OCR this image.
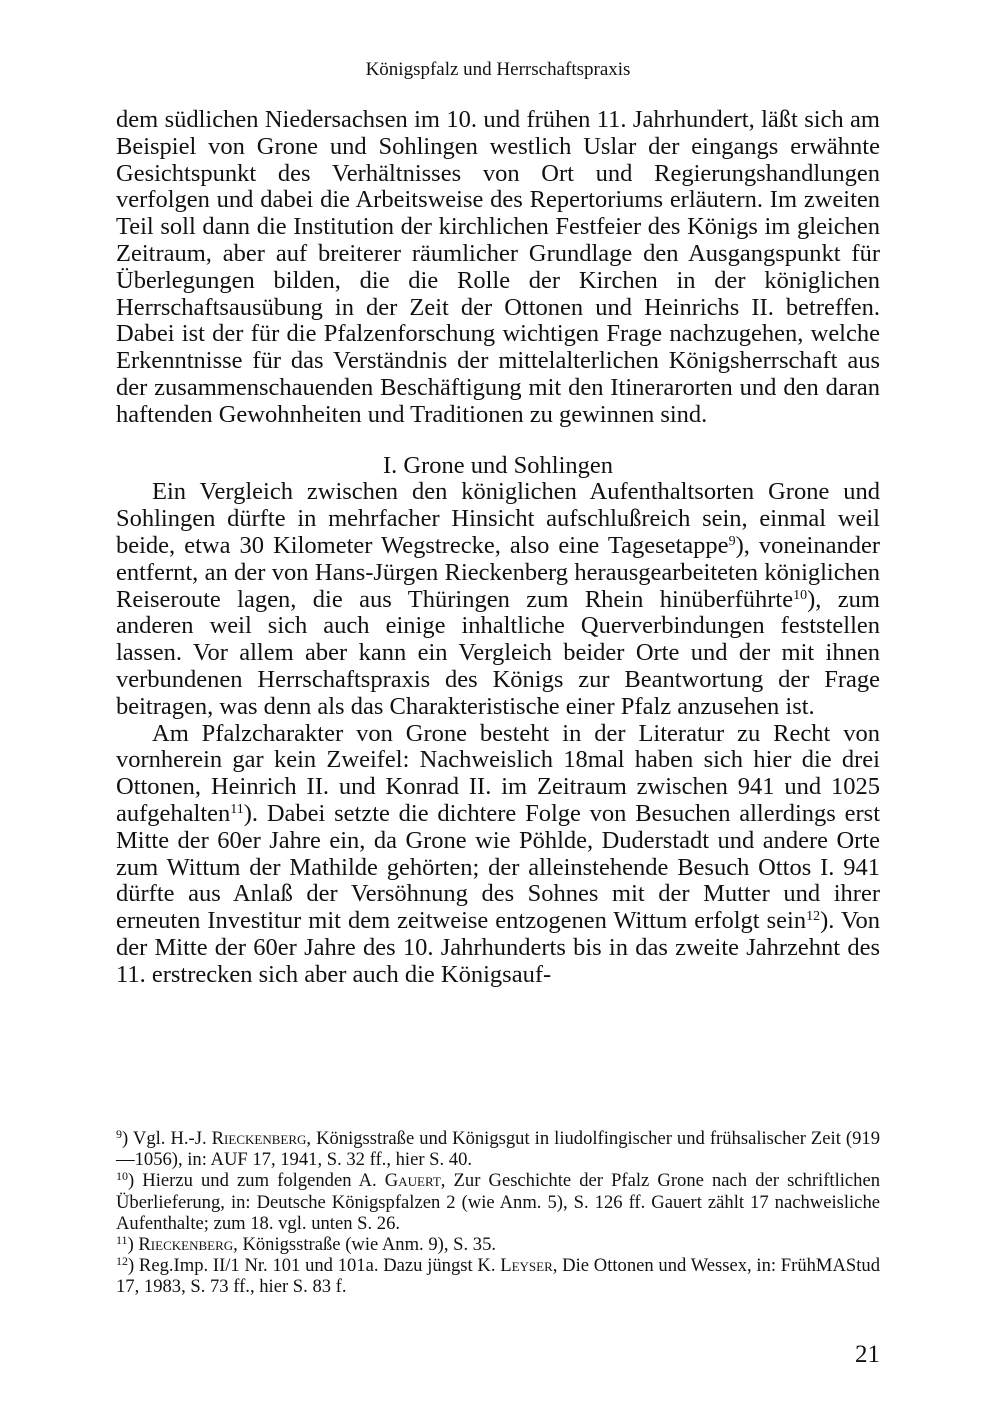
Königspfalz und Herrschaftspraxis

dem südlichen Niedersachsen im 10. und frühen 11. Jahrhundert, läßt sich am Beispiel von Grone und Sohlingen westlich Uslar der eingangs erwähnte Gesichtspunkt des Verhältnisses von Ort und Regierungshandlungen verfolgen und dabei die Arbeitsweise des Repertoriums erläutern. Im zweiten Teil soll dann die Institution der kirchlichen Festfeier des Königs im gleichen Zeitraum, aber auf breiterer räumlicher Grundlage den Ausgangspunkt für Überlegungen bilden, die die Rolle der Kirchen in der königlichen Herrschaftsausübung in der Zeit der Ottonen und Heinrichs II. betreffen. Dabei ist der für die Pfalzenforschung wichtigen Frage nachzugehen, welche Erkenntnisse für das Verständnis der mittelalterlichen Königsherrschaft aus der zusammenschauenden Beschäftigung mit den Itinerarorten und den daran haftenden Gewohnheiten und Traditionen zu gewinnen sind.

I. Grone und Sohlingen

Ein Vergleich zwischen den königlichen Aufenthaltsorten Grone und Sohlingen dürfte in mehrfacher Hinsicht aufschlußreich sein, einmal weil beide, etwa 30 Kilometer Wegstrecke, also eine Tagesetappe$^9$), voneinander entfernt, an der von Hans-Jürgen Rieckenberg herausgearbeiteten königlichen Reiseroute lagen, die aus Thüringen zum Rhein hinüberführte$^{10}$), zum anderen weil sich auch einige inhaltliche Querverbindungen feststellen lassen. Vor allem aber kann ein Vergleich beider Orte und der mit ihnen verbundenen Herrschaftspraxis des Königs zur Beantwortung der Frage beitragen, was denn als das Charakteristische einer Pfalz anzusehen ist.

Am Pfalzcharakter von Grone besteht in der Literatur zu Recht von vornherein gar kein Zweifel: Nachweislich 18mal haben sich hier die drei Ottonen, Heinrich II. und Konrad II. im Zeitraum zwischen 941 und 1025 aufgehalten$^{11}$). Dabei setzte die dichtere Folge von Besuchen allerdings erst Mitte der 60er Jahre ein, da Grone wie Pöhlde, Duderstadt und andere Orte zum Wittum der Mathilde gehörten; der alleinstehende Besuch Ottos I. 941 dürfte aus Anlaß der Versöhnung des Sohnes mit der Mutter und ihrer erneuten Investitur mit dem zeitweise entzogenen Wittum erfolgt sein$^{12}$). Von der Mitte der 60er Jahre des 10. Jahrhunderts bis in das zweite Jahrzehnt des 11. erstrecken sich aber auch die Königsauf-

$^9$) Vgl. H.-J. Rieckenberg, Königsstraße und Königsgut in liudolfingischer und frühsalischer Zeit (919—1056), in: AUF 17, 1941, S. 32 ff., hier S. 40.

$^{10}$) Hierzu und zum folgenden A. Gauert, Zur Geschichte der Pfalz Grone nach der schriftlichen Überlieferung, in: Deutsche Königspfalzen 2 (wie Anm. 5), S. 126 ff. Gauert zählt 17 nachweisliche Aufenthalte; zum 18. vgl. unten S. 26.

$^{11}$) Rieckenberg, Königsstraße (wie Anm. 9), S. 35.

$^{12}$) Reg.Imp. II/1 Nr. 101 und 101a. Dazu jüngst K. Leyser, Die Ottonen und Wessex, in: FrühMAStud 17, 1983, S. 73 ff., hier S. 83 f.

21
